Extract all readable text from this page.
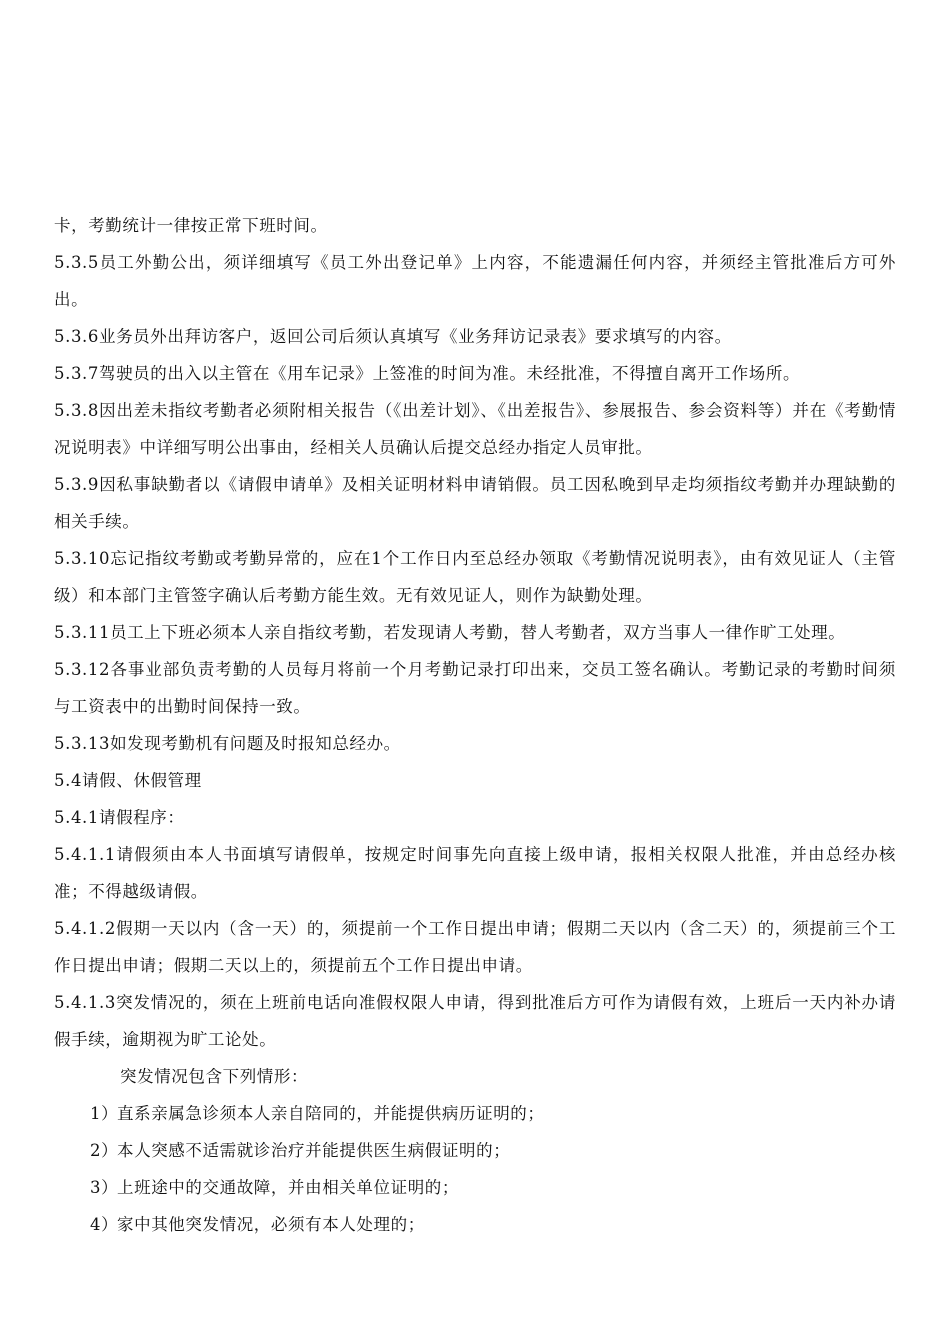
卡，考勤统计一律按正常下班时间。

5.3.5员工外勤公出，须详细填写《员工外出登记单》上内容，不能遗漏任何内容，并须经主管批准后方可外出。

5.3.6业务员外出拜访客户，返回公司后须认真填写《业务拜访记录表》要求填写的内容。

5.3.7驾驶员的出入以主管在《用车记录》上签准的时间为准。未经批准，不得擅自离开工作场所。

5.3.8因出差未指纹考勤者必须附相关报告（《出差计划》、《出差报告》、参展报告、参会资料等）并在《考勤情况说明表》中详细写明公出事由，经相关人员确认后提交总经办指定人员审批。

5.3.9因私事缺勤者以《请假申请单》及相关证明材料申请销假。员工因私晚到早走均须指纹考勤并办理缺勤的相关手续。

5.3.10忘记指纹考勤或考勤异常的，应在1个工作日内至总经办领取《考勤情况说明表》，由有效见证人（主管级）和本部门主管签字确认后考勤方能生效。无有效见证人，则作为缺勤处理。

5.3.11员工上下班必须本人亲自指纹考勤，若发现请人考勤，替人考勤者，双方当事人一律作旷工处理。

5.3.12各事业部负责考勤的人员每月将前一个月考勤记录打印出来，交员工签名确认。考勤记录的考勤时间须与工资表中的出勤时间保持一致。

5.3.13如发现考勤机有问题及时报知总经办。

5.4请假、休假管理

5.4.1请假程序：

5.4.1.1请假须由本人书面填写请假单，按规定时间事先向直接上级申请，报相关权限人批准，并由总经办核准；不得越级请假。

5.4.1.2假期一天以内（含一天）的，须提前一个工作日提出申请；假期二天以内（含二天）的，须提前三个工作日提出申请；假期二天以上的，须提前五个工作日提出申请。

5.4.1.3突发情况的，须在上班前电话向准假权限人申请，得到批准后方可作为请假有效，上班后一天内补办请假手续，逾期视为旷工论处。

突发情况包含下列情形：

1）
直系亲属急诊须本人亲自陪同的，并能提供病历证明的；
2）
本人突感不适需就诊治疗并能提供医生病假证明的；
3）
上班途中的交通故障，并由相关单位证明的；
4）
家中其他突发情况，必须有本人处理的；
